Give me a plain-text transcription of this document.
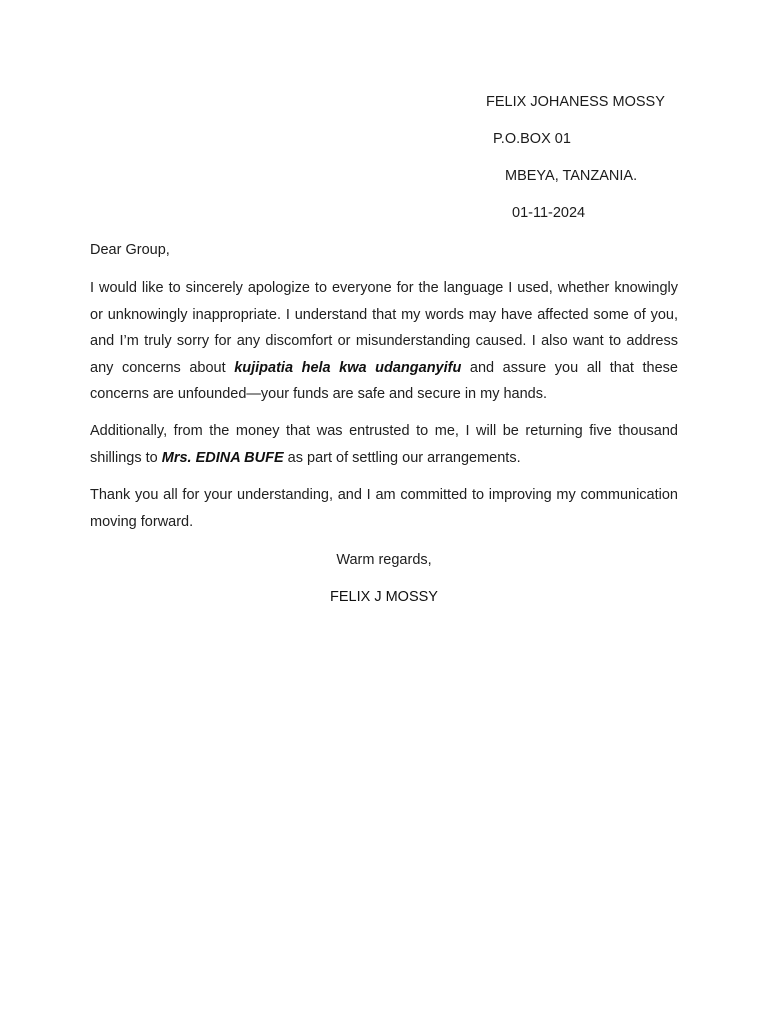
FELIX JOHANESS MOSSY
P.O.BOX 01
MBEYA, TANZANIA.
01-11-2024
Dear Group,

I would like to sincerely apologize to everyone for the language I used, whether knowingly or unknowingly inappropriate. I understand that my words may have affected some of you, and I’m truly sorry for any discomfort or misunderstanding caused. I also want to address any concerns about kujipatia hela kwa udanganyifu and assure you all that these concerns are unfounded—your funds are safe and secure in my hands.

Additionally, from the money that was entrusted to me, I will be returning five thousand shillings to Mrs. EDINA BUFE as part of settling our arrangements.

Thank you all for your understanding, and I am committed to improving my communication moving forward.

Warm regards,
FELIX J MOSSY
